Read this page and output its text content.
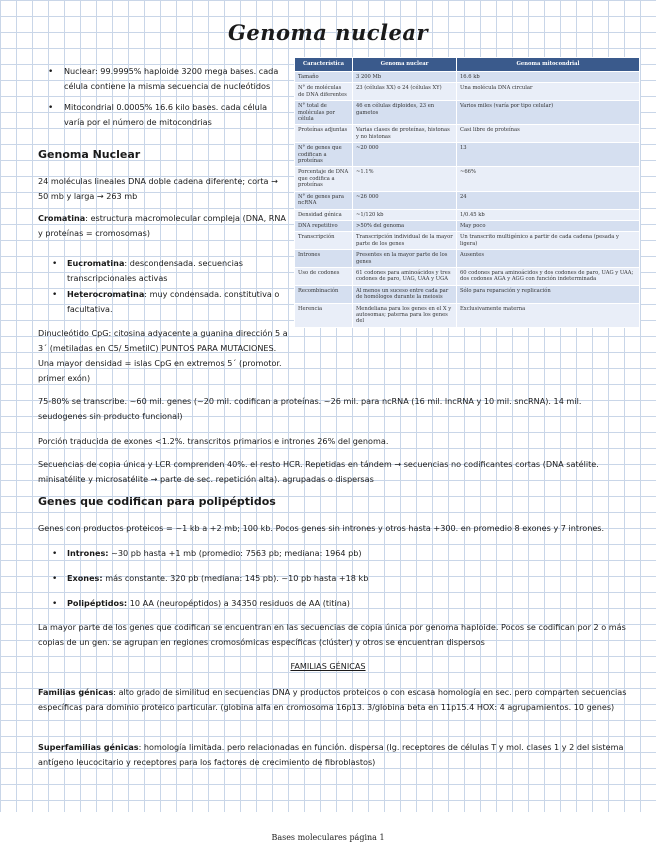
Genoma nuclear
• Nuclear: 99.9995% haploide 3200 mega bases. cada célula contiene la misma secuencia de nucleótidos
• Mitocondrial 0.0005% 16.6 kilo bases. cada célula varía por el número de mitocondrias
Genoma Nuclear
24 moléculas lineales DNA doble cadena diferente; corta → 50 mb y larga → 263 mb
Cromatina: estructura macromolecular compleja (DNA, RNA y proteínas = cromosomas)
• Eucromatina: descondensada. secuencias transcripcionales activas
• Heterocromatina: muy condensada. constitutiva o facultativa.
Dinucleótido CpG: citosina adyacente a guanina dirección 5 a 3´ (metiladas en C5/ 5metilC) PUNTOS PARA MUTACIONES. Una mayor densidad = islas CpG en extremos 5´ (promotor. primer exón)
75-80% se transcribe. ~60 mil. genes (~20 mil. codifican a proteínas. ~26 mil. para ncRNA (16 mil. lncRNA y 10 mil. sncRNA). 14 mil. seudogenes sin producto funcional)
Porción traducida de exones <1.2%. transcritos primarios e intrones 26% del genoma.
Secuencias de copia única y LCR comprenden 40%. el resto HCR. Repetidas en tándem → secuencias no codificantes cortas (DNA satélite. minisatélite y microsatélite → parte de sec. repetición alta). agrupadas o dispersas
Genes que codifican para polipéptidos
Genes con productos proteicos = ~1 kb a +2 mb; 100 kb. Pocos genes sin intrones y otros hasta +300. en promedio 8 exones y 7 intrones.
• Intrones: ~30 pb hasta +1 mb (promedio: 7563 pb; mediana: 1964 pb)
• Exones: más constante. 320 pb (mediana: 145 pb). ~10 pb hasta +18 kb
• Polipéptidos: 10 AA (neuropéptidos) a 34350 residuos de AA (titina)
La mayor parte de los genes que codifican se encuentran en las secuencias de copia única por genoma haploide. Pocos se codifican por 2 o más copias de un gen. se agrupan en regiones cromosómicas específicas (clúster) y otros se encuentran dispersos
FAMILIAS GÉNICAS
Familias génicas: alto grado de similitud en secuencias DNA y productos proteicos o con escasa homología en sec. pero comparten secuencias específicas para dominio proteico particular. (globina alfa en cromosoma 16p13. 3/globina beta en 11p15.4 HOX: 4 agrupamientos. 10 genes)
Superfamilias génicas: homología limitada. pero relacionadas en función. dispersa (Ig. receptores de células T y mol. clases 1 y 2 del sistema antígeno leucocitario y receptores para los factores de crecimiento de fibroblastos)
Característica	Genoma nuclear	Genoma mitocondrial
Tamaño	3 200 Mb	16.6 kb
N° de moléculas de DNA diferentes	23 (células XX) o 24 (células XY)	Una molécula DNA circular
N° total de moléculas por célula	46 en células diploides, 23 en gametos	Varios miles (varía por tipo celular)
Proteínas adjuntas	Varias clases de proteínas, histonas y no histonas	Casi libre de proteínas
N° de genes que codifican a proteínas	~20 000	13
Porcentaje de DNA que codifica a proteínas	~1.1%	~66%
N° de genes para ncRNA	~26 000	24
Densidad génica	~1/120 kb	1/0.45 kb
DNA repetitivo	>50% del genoma	May poco
Transcripción	Transcripción individual de la mayor parte de los genes	Un transcrito multigénico a partir de cada cadena (pesada y ligera)
Intrones	Presentes en la mayor parte de los genes	Ausentes
Uso de codones	61 codones para aminoácidos y tres codones de paro, UAG, UAA y UGA	60 codones para aminoácidos y dos codones de paro, UAG y UAA; dos codones AGA y AGG con función indeterminada
Recombinación	Al menos un suceso entre cada par de homólogos durante la meiosis	Sólo para reparación y replicación
Herencia	Mendeliana para los genes en el X y autosomas; paterna para los genes del	Exclusivamente materna
Bases moleculares página 1
